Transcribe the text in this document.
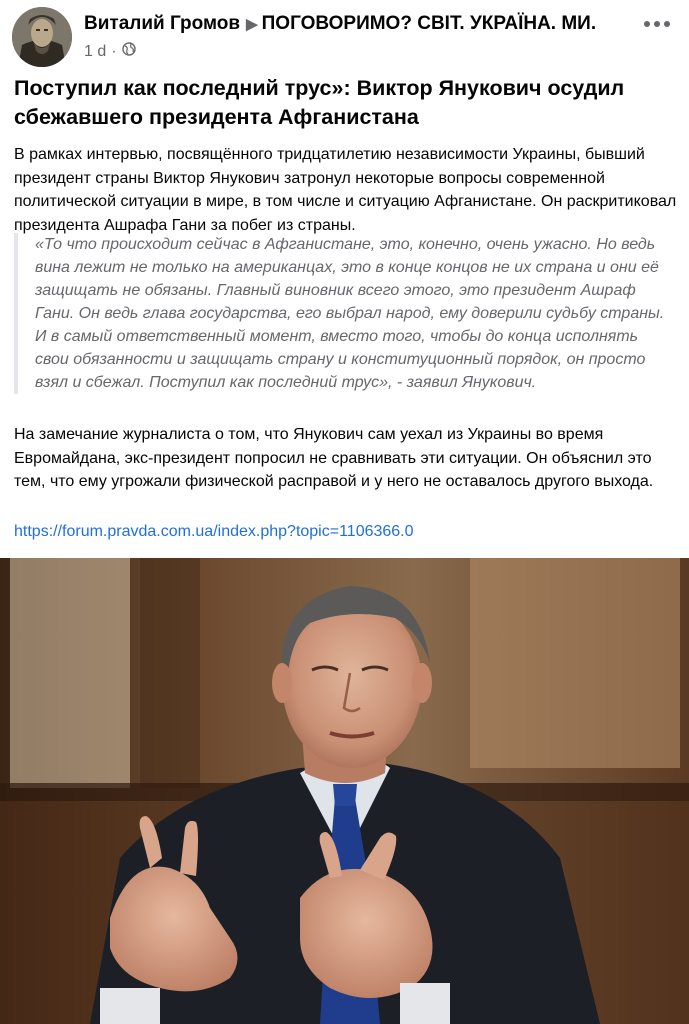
Виталий Громов ▶ ПОГОВОРИМО? СВІТ. УКРАЇНА. МИ.
1 d ·
Поступил как последний трус»: Виктор Янукович осудил сбежавшего президента Афганистана
В рамках интервью, посвящённого тридцатилетию независимости Украины, бывший президент страны Виктор Янукович затронул некоторые вопросы современной политической ситуации в мире, в том числе и ситуацию Афганистане. Он раскритиковал президента Ашрафа Гани за побег из страны.
«То что происходит сейчас в Афганистане, это, конечно, очень ужасно. Но ведь вина лежит не только на американцах, это в конце концов не их страна и они её защищать не обязаны. Главный виновник всего этого, это президент Ашраф Гани. Он ведь глава государства, его выбрал народ, ему доверили судьбу страны. И в самый ответственный момент, вместо того, чтобы до конца исполнять свои обязанности и защищать страну и конституционный порядок, он просто взял и сбежал. Поступил как последний трус», - заявил Янукович.
На замечание журналиста о том, что Янукович сам уехал из Украины во время Евромайдана, экс-президент попросил не сравнивать эти ситуации. Он объяснил это тем, что ему угрожали физической расправой и у него не оставалось другого выхода.
https://forum.pravda.com.ua/index.php?topic=1106366.0
